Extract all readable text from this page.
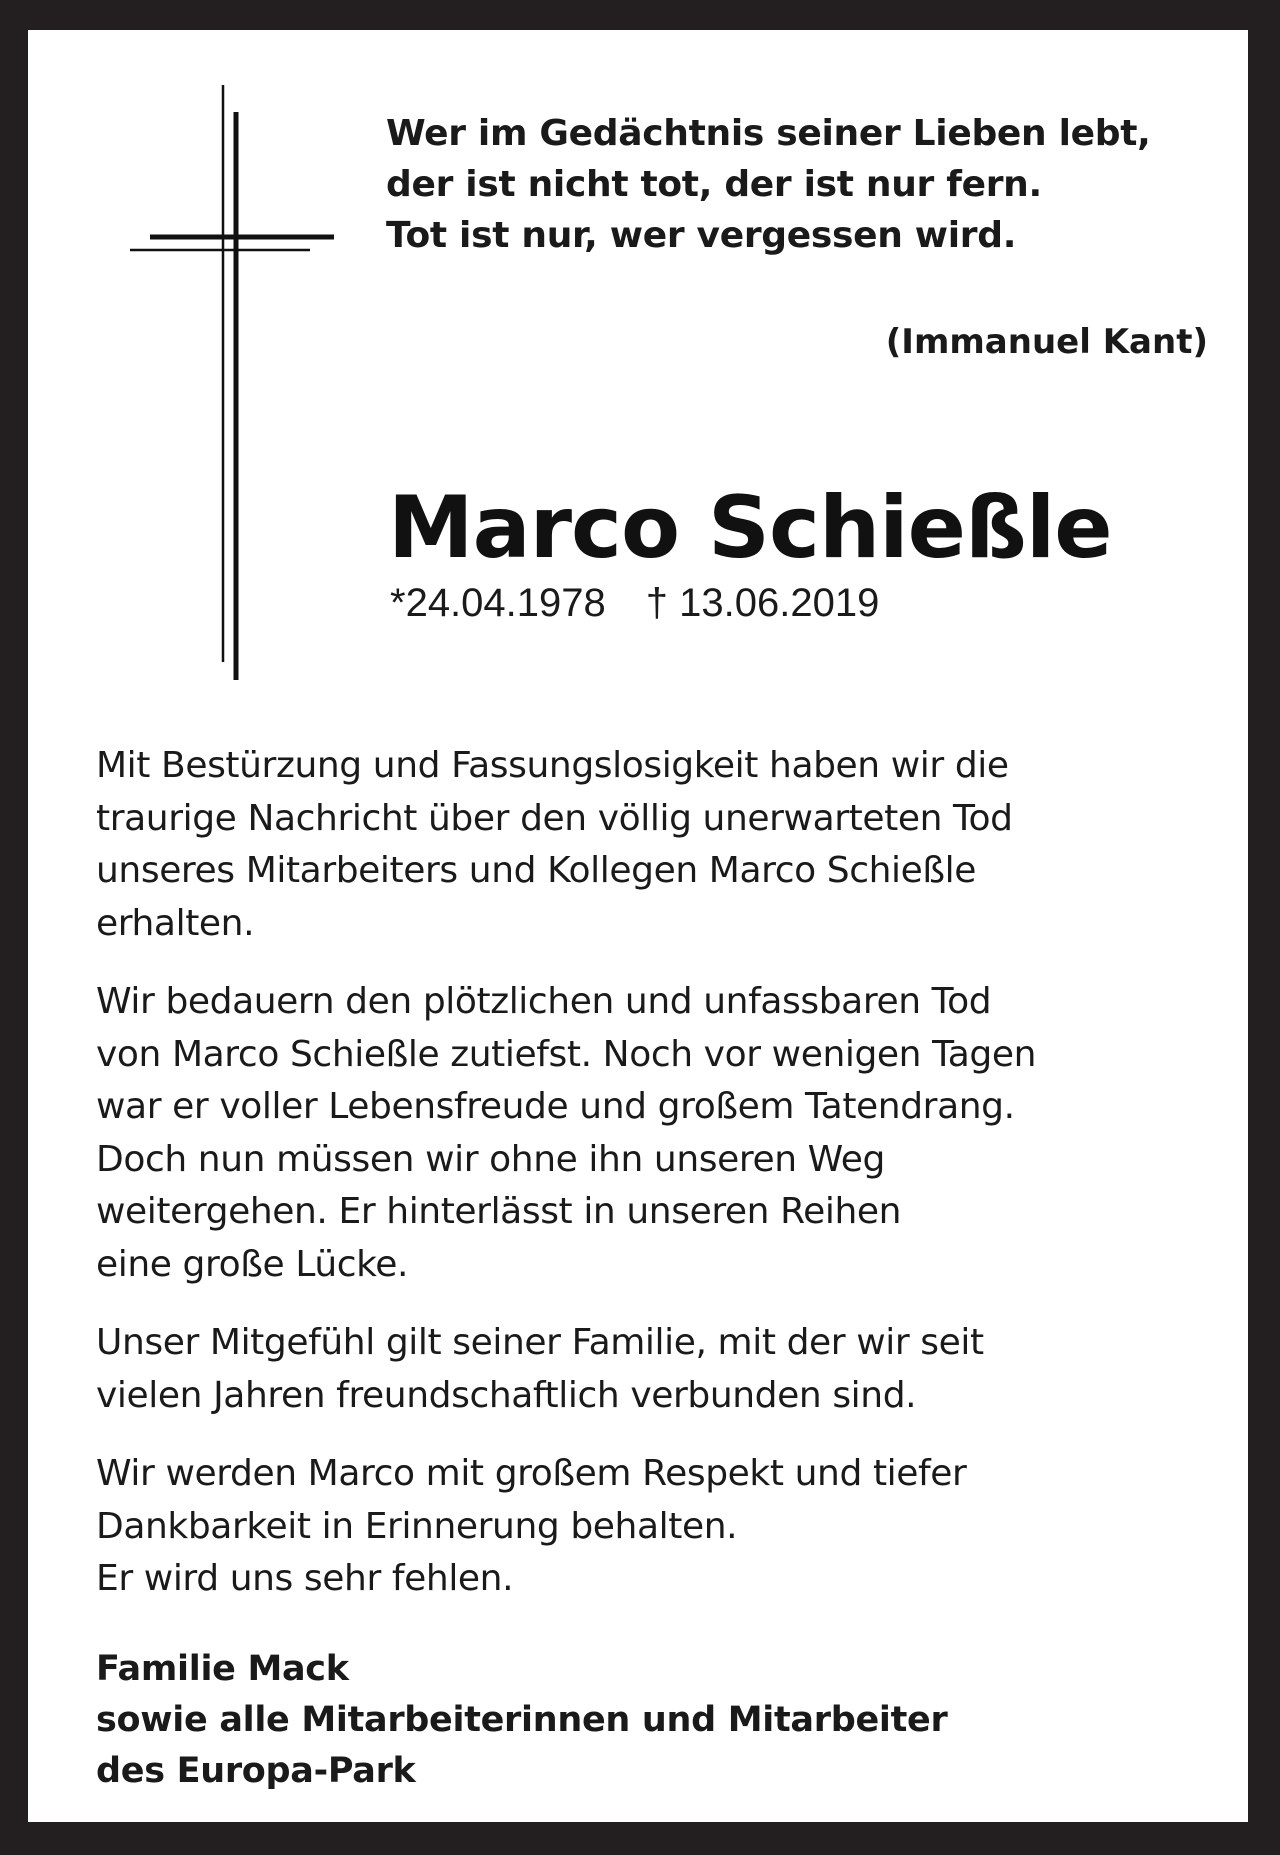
Wer im Gedächtnis seiner Lieben lebt,
der ist nicht tot, der ist nur fern.
Tot ist nur, wer vergessen wird.
(Immanuel Kant)
Marco Schießle
*24.04.1978 † 13.06.2019

Mit Bestürzung und Fassungslosigkeit haben wir die
traurige Nachricht über den völlig unerwarteten Tod
unseres Mitarbeiters und Kollegen Marco Schießle
erhalten.

Wir bedauern den plötzlichen und unfassbaren Tod
von Marco Schießle zutiefst. Noch vor wenigen Tagen
war er voller Lebensfreude und großem Tatendrang.
Doch nun müssen wir ohne ihn unseren Weg
weitergehen. Er hinterlässt in unseren Reihen
eine große Lücke.

Unser Mitgefühl gilt seiner Familie, mit der wir seit
vielen Jahren freundschaftlich verbunden sind.

Wir werden Marco mit großem Respekt und tiefer
Dankbarkeit in Erinnerung behalten.
Er wird uns sehr fehlen.

Familie Mack
sowie alle Mitarbeiterinnen und Mitarbeiter
des Europa-Park
